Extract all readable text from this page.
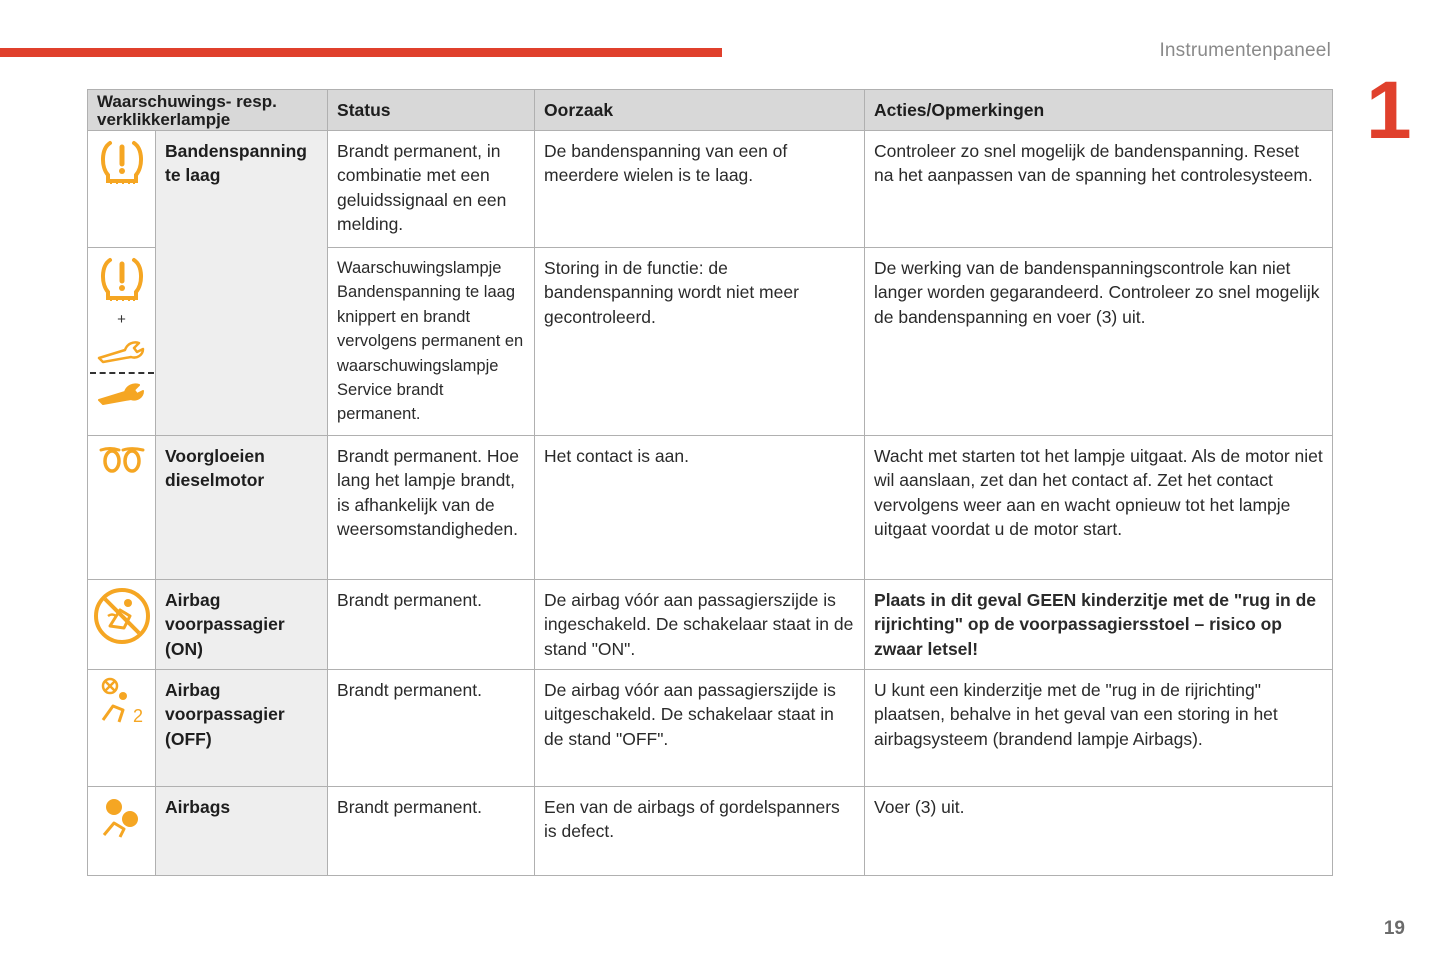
Instrumentenpaneel
1
19
Waarschuwings- resp. verklikkerlampje		Status	Oorzaak	Acties/Opmerkingen

	Bandenspanning te laag	Brandt permanent, in combinatie met een geluidssignaal en een melding.	De bandenspanning van een of meerdere wielen is te laag.	Controleer zo snel mogelijk de bandenspanning. Reset na het aanpassen van de spanning het controlesysteem.

+		Waarschuwingslampje Bandenspanning te laag knippert en brandt vervolgens permanent en waarschuwingslampje Service brandt permanent.	Storing in de functie: de bandenspanning wordt niet meer gecontroleerd.	De werking van de bandenspanningscontrole kan niet langer worden gegarandeerd. Controleer zo snel mogelijk de bandenspanning en voer (3) uit.

	Voorgloeien dieselmotor	Brandt permanent. Hoe lang het lampje brandt, is afhankelijk van de weersomstandigheden.	Het contact is aan.	Wacht met starten tot het lampje uitgaat. Als de motor niet wil aanslaan, zet dan het contact af. Zet het contact vervolgens weer aan en wacht opnieuw tot het lampje uitgaat voordat u de motor start.

	Airbag voorpassagier (ON)	Brandt permanent.	De airbag vóór aan passagierszijde is ingeschakeld. De schakelaar staat in de stand "ON".	Plaats in dit geval GEEN kinderzitje met de "rug in de rijrichting" op de voorpassagiersstoel – risico op zwaar letsel!

2	Airbag voorpassagier (OFF)	Brandt permanent.	De airbag vóór aan passagierszijde is uitgeschakeld. De schakelaar staat in de stand "OFF".	U kunt een kinderzitje met de "rug in de rijrichting" plaatsen, behalve in het geval van een storing in het airbagsysteem (brandend lampje Airbags).

	Airbags	Brandt permanent.	Een van de airbags of gordelspanners is defect.	Voer (3) uit.
